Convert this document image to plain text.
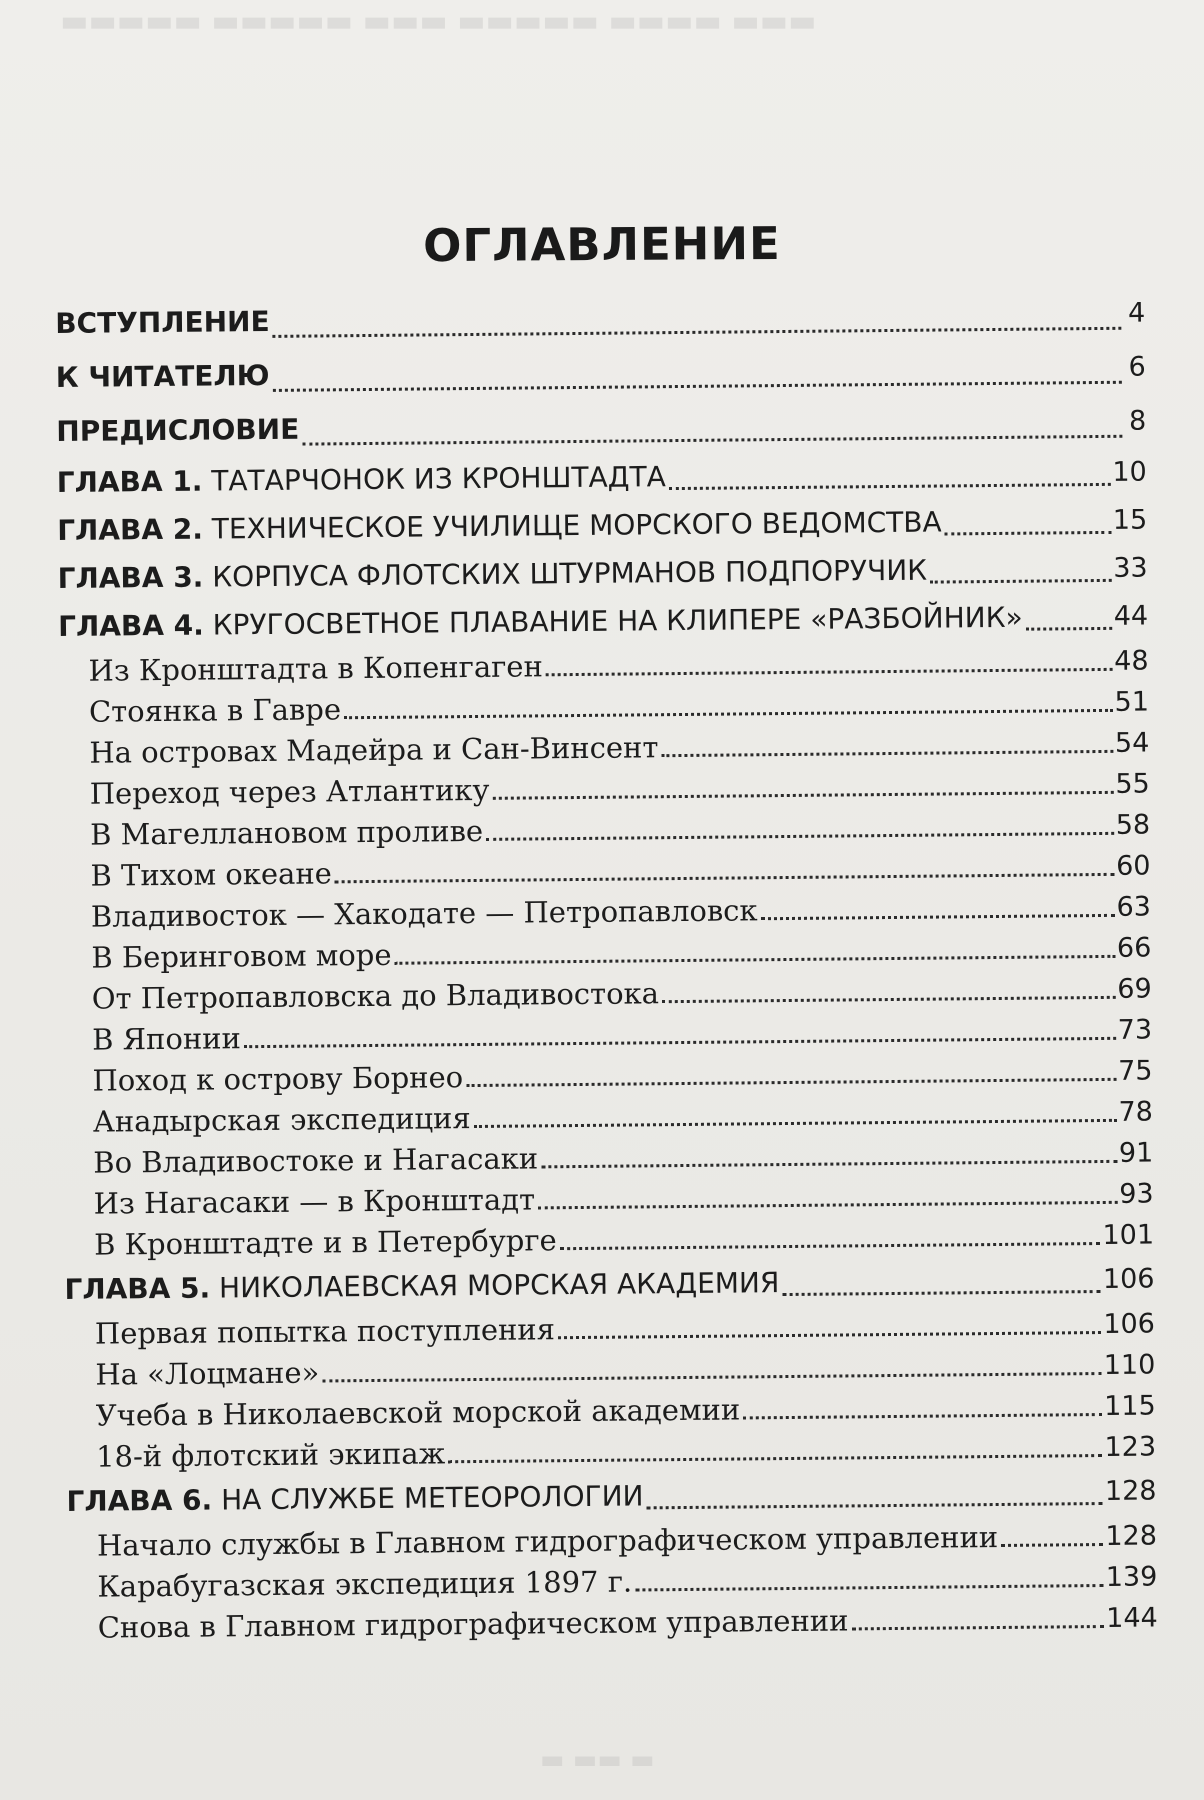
▬▬▬ ▬▬▬▬ ▬▬▬▬▬ ▬▬▬ ▬▬▬▬▬ ▬▬▬▬▬
▬ ▬▬ ▬
ОГЛАВЛЕНИЕ
ВСТУПЛЕНИЕ	4
К ЧИТАТЕЛЮ	6
ПРЕДИСЛОВИЕ	8
ГЛАВА 1. ТАТАРЧОНОК ИЗ КРОНШТАДТА	10
ГЛАВА 2. ТЕХНИЧЕСКОЕ УЧИЛИЩЕ МОРСКОГО ВЕДОМСТВА	15
ГЛАВА 3. КОРПУСА ФЛОТСКИХ ШТУРМАНОВ ПОДПОРУЧИК	33
ГЛАВА 4. КРУГОСВЕТНОЕ ПЛАВАНИЕ НА КЛИПЕРЕ «РАЗБОЙНИК»	44
Из Кронштадта в Копенгаген	48
Стоянка в Гавре	51
На островах Мадейра и Сан-Винсент	54
Переход через Атлантику	55
В Магеллановом проливе	58
В Тихом океане	60
Владивосток — Хакодате — Петропавловск	63
В Беринговом море	66
От Петропавловска до Владивостока	69
В Японии	73
Поход к острову Борнео	75
Анадырская экспедиция	78
Во Владивостоке и Нагасаки	91
Из Нагасаки — в Кронштадт	93
В Кронштадте и в Петербурге	101
ГЛАВА 5. НИКОЛАЕВСКАЯ МОРСКАЯ АКАДЕМИЯ	106
Первая попытка поступления	106
На «Лоцмане»	110
Учеба в Николаевской морской академии	115
18-й флотский экипаж	123
ГЛАВА 6. НА СЛУЖБЕ МЕТЕОРОЛОГИИ	128
Начало службы в Главном гидрографическом управлении	128
Карабугазская экспедиция 1897 г.	139
Снова в Главном гидрографическом управлении	144
